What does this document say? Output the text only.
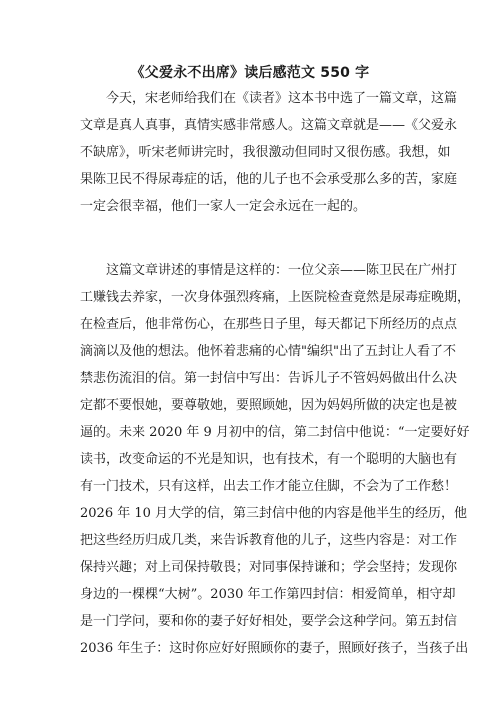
《父爱永不出席》读后感范文 550 字
今天，宋老师给我们在《读者》这本书中选了一篇文章，这篇
文章是真人真事，真情实感非常感人。这篇文章就是——《父爱永
不缺席》，听宋老师讲完时，我很激动但同时又很伤感。我想，如
果陈卫民不得尿毒症的话，他的儿子也不会承受那么多的苦，家庭
一定会很幸福，他们一家人一定会永远在一起的。
这篇文章讲述的事情是这样的：一位父亲——陈卫民在广州打
工赚钱去养家，一次身体强烈疼痛，上医院检查竟然是尿毒症晚期，
在检查后，他非常伤心，在那些日子里，每天都记下所经历的点点
滴滴以及他的想法。他怀着悲痛的心情"编织"出了五封让人看了不
禁悲伤流泪的信。第一封信中写出：告诉儿子不管妈妈做出什么决
定都不要恨她，要尊敬她，要照顾她，因为妈妈所做的决定也是被
逼的。未来 2020 年 9 月初中的信，第二封信中他说：“一定要好好
读书，改变命运的不光是知识，也有技术，有一个聪明的大脑也有
有一门技术，只有这样，出去工作才能立住脚，不会为了工作愁！
2026 年 10 月大学的信，第三封信中他的内容是他半生的经历，他
把这些经历归成几类，来告诉教育他的儿子，这些内容是：对工作
保持兴趣；对上司保持敬畏；对同事保持谦和；学会坚持；发现你
身边的一棵棵“大树”。2030 年工作第四封信：相爱简单，相守却
是一门学问，要和你的妻子好好相处，要学会这种学问。第五封信
2036 年生子：这时你应好好照顾你的妻子，照顾好孩子，当孩子出
